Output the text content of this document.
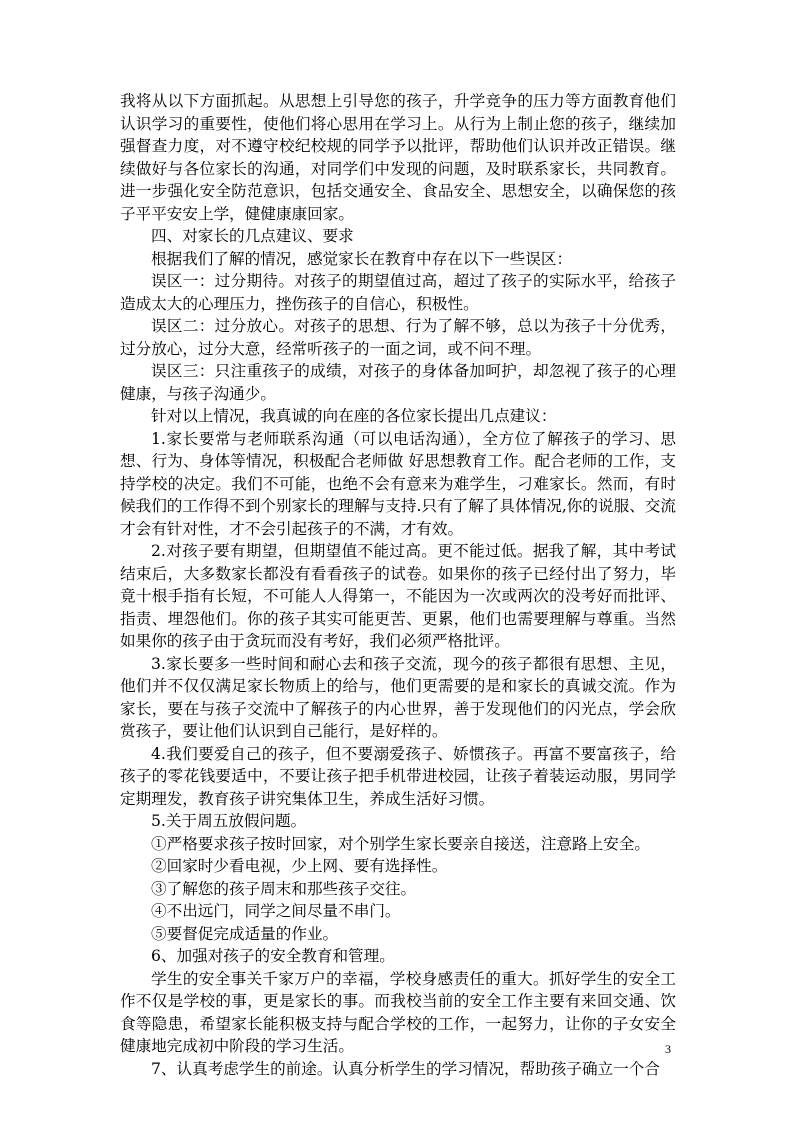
我将从以下方面抓起。从思想上引导您的孩子，升学竞争的压力等方面教育他们认识学习的重要性，使他们将心思用在学习上。从行为上制止您的孩子，继续加强督查力度，对不遵守校纪校规的同学予以批评，帮助他们认识并改正错误。继续做好与各位家长的沟通，对同学们中发现的问题，及时联系家长，共同教育。 进一步强化安全防范意识，包括交通安全、食品安全、思想安全，以确保您的孩子平平安安上学，健健康康回家。

四、对家长的几点建议、要求

根据我们了解的情况，感觉家长在教育中存在以下一些误区：

误区一：过分期待。对孩子的期望值过高，超过了孩子的实际水平，给孩子造成太大的心理压力，挫伤孩子的自信心，积极性。

误区二：过分放心。对孩子的思想、行为了解不够，总以为孩子十分优秀，过分放心，过分大意，经常听孩子的一面之词，或不问不理。

误区三：只注重孩子的成绩，对孩子的身体备加呵护，却忽视了孩子的心理健康，与孩子沟通少。

针对以上情况，我真诚的向在座的各位家长提出几点建议：

1.家长要常与老师联系沟通（可以电话沟通），全方位了解孩子的学习、思想、行为、身体等情况，积极配合老师做 好思想教育工作。配合老师的工作，支持学校的决定。我们不可能，也绝不会有意来为难学生，刁难家长。然而，有时候我们的工作得不到个别家长的理解与支持.只有了解了具体情况,你的说服、交流才会有针对性，才不会引起孩子的不满，才有效。

2.对孩子要有期望，但期望值不能过高。更不能过低。据我了解，其中考试结束后，大多数家长都没有看看孩子的试卷。如果你的孩子已经付出了努力，毕竟十根手指有长短，不可能人人得第一，不能因为一次或两次的没考好而批评、指责、埋怨他们。你的孩子其实可能更苦、更累，他们也需要理解与尊重。当然如果你的孩子由于贪玩而没有考好，我们必须严格批评。

3.家长要多一些时间和耐心去和孩子交流，现今的孩子都很有思想、主见，他们并不仅仅满足家长物质上的给与，他们更需要的是和家长的真诚交流。作为家长，要在与孩子交流中了解孩子的内心世界，善于发现他们的闪光点，学会欣赏孩子，要让他们认识到自己能行，是好样的。

4.我们要爱自己的孩子，但不要溺爱孩子、娇惯孩子。再富不要富孩子，给孩子的零花钱要适中，不要让孩子把手机带进校园，让孩子着装运动服，男同学定期理发，教育孩子讲究集体卫生，养成生活好习惯。

5.关于周五放假问题。

①严格要求孩子按时回家，对个别学生家长要亲自接送，注意路上安全。

②回家时少看电视，少上网、要有选择性。

③了解您的孩子周末和那些孩子交往。

④不出远门，同学之间尽量不串门。

⑤要督促完成适量的作业。

6、加强对孩子的安全教育和管理。

学生的安全事关千家万户的幸福，学校身感责任的重大。抓好学生的安全工作不仅是学校的事，更是家长的事。而我校当前的安全工作主要有来回交通、饮食等隐患，希望家长能积极支持与配合学校的工作，一起努力，让你的子女安全健康地完成初中阶段的学习生活。

7、认真考虑学生的前途。认真分析学生的学习情况，帮助孩子确立一个合

3
